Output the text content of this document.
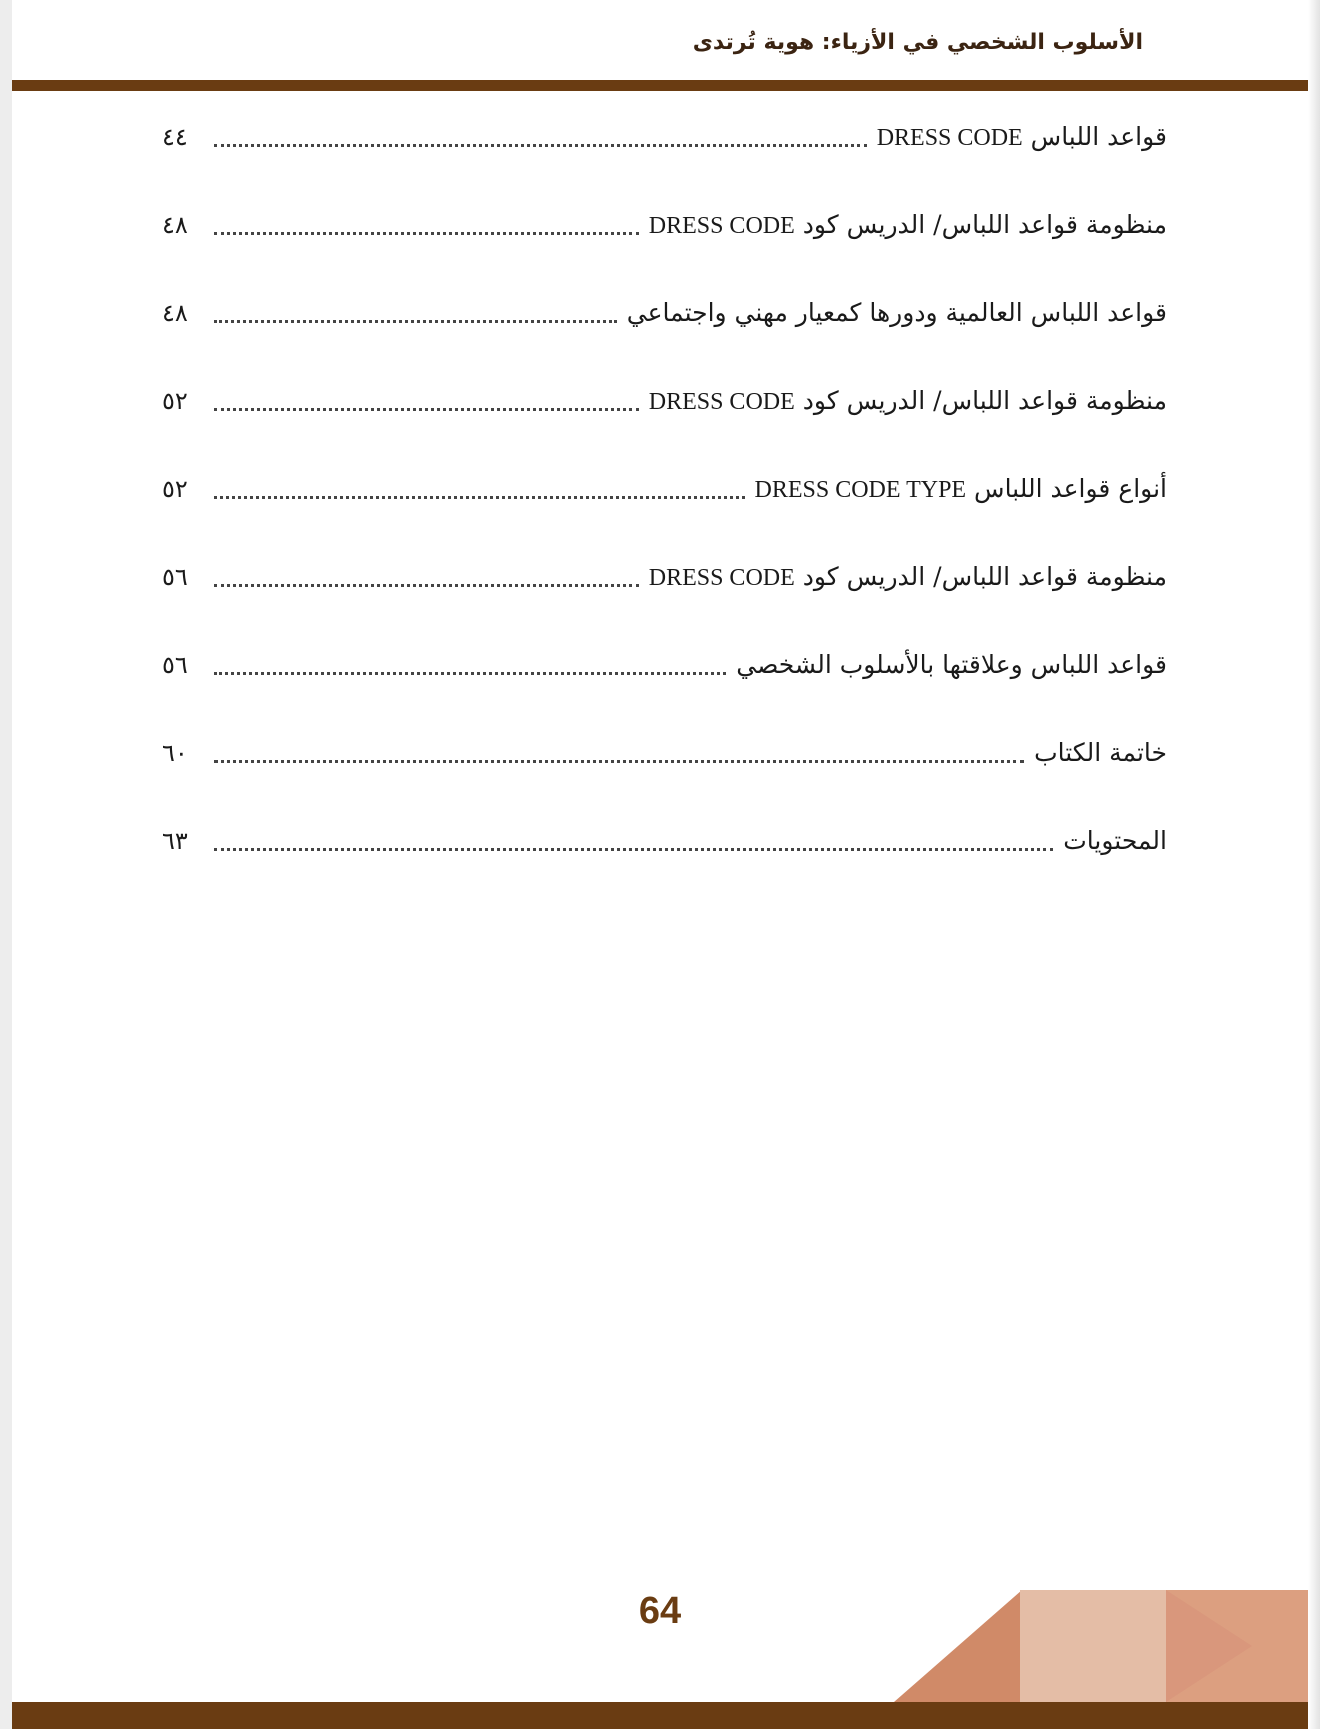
الأسلوب الشخصي في الأزياء: هوية تُرتدى
قواعد اللباس DRESS CODE
٤٤
منظومة قواعد اللباس/ الدريس كود DRESS CODE
٤٨
قواعد اللباس العالمية ودورها كمعيار مهني واجتماعي
٤٨
منظومة قواعد اللباس/ الدريس كود DRESS CODE
٥٢
أنواع قواعد اللباس DRESS CODE TYPE
٥٢
منظومة قواعد اللباس/ الدريس كود DRESS CODE
٥٦
قواعد اللباس وعلاقتها بالأسلوب الشخصي
٥٦
خاتمة الكتاب
٦٠
المحتويات
٦٣
64
